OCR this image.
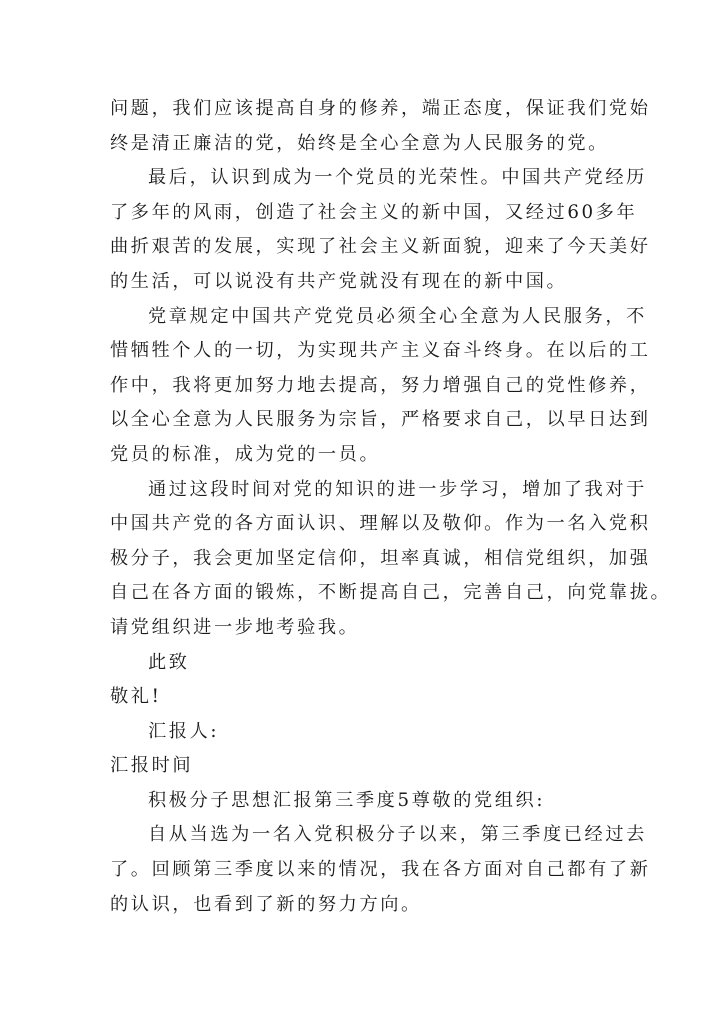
问题，我们应该提高自身的修养，端正态度，保证我们党始
终是清正廉洁的党，始终是全心全意为人民服务的党。
最后，认识到成为一个党员的光荣性。中国共产党经历
了多年的风雨，创造了社会主义的新中国，又经过60多年
曲折艰苦的发展，实现了社会主义新面貌，迎来了今天美好
的生活，可以说没有共产党就没有现在的新中国。
党章规定中国共产党党员必须全心全意为人民服务，不
惜牺牲个人的一切，为实现共产主义奋斗终身。在以后的工
作中，我将更加努力地去提高，努力增强自己的党性修养，
以全心全意为人民服务为宗旨，严格要求自己，以早日达到
党员的标准，成为党的一员。
通过这段时间对党的知识的进一步学习，增加了我对于
中国共产党的各方面认识、理解以及敬仰。作为一名入党积
极分子，我会更加坚定信仰，坦率真诚，相信党组织，加强
自己在各方面的锻炼，不断提高自己，完善自己，向党靠拢。
请党组织进一步地考验我。
此致
敬礼!
汇报人:
汇报时间
积极分子思想汇报第三季度5尊敬的党组织:
自从当选为一名入党积极分子以来，第三季度已经过去
了。回顾第三季度以来的情况，我在各方面对自己都有了新
的认识，也看到了新的努力方向。
